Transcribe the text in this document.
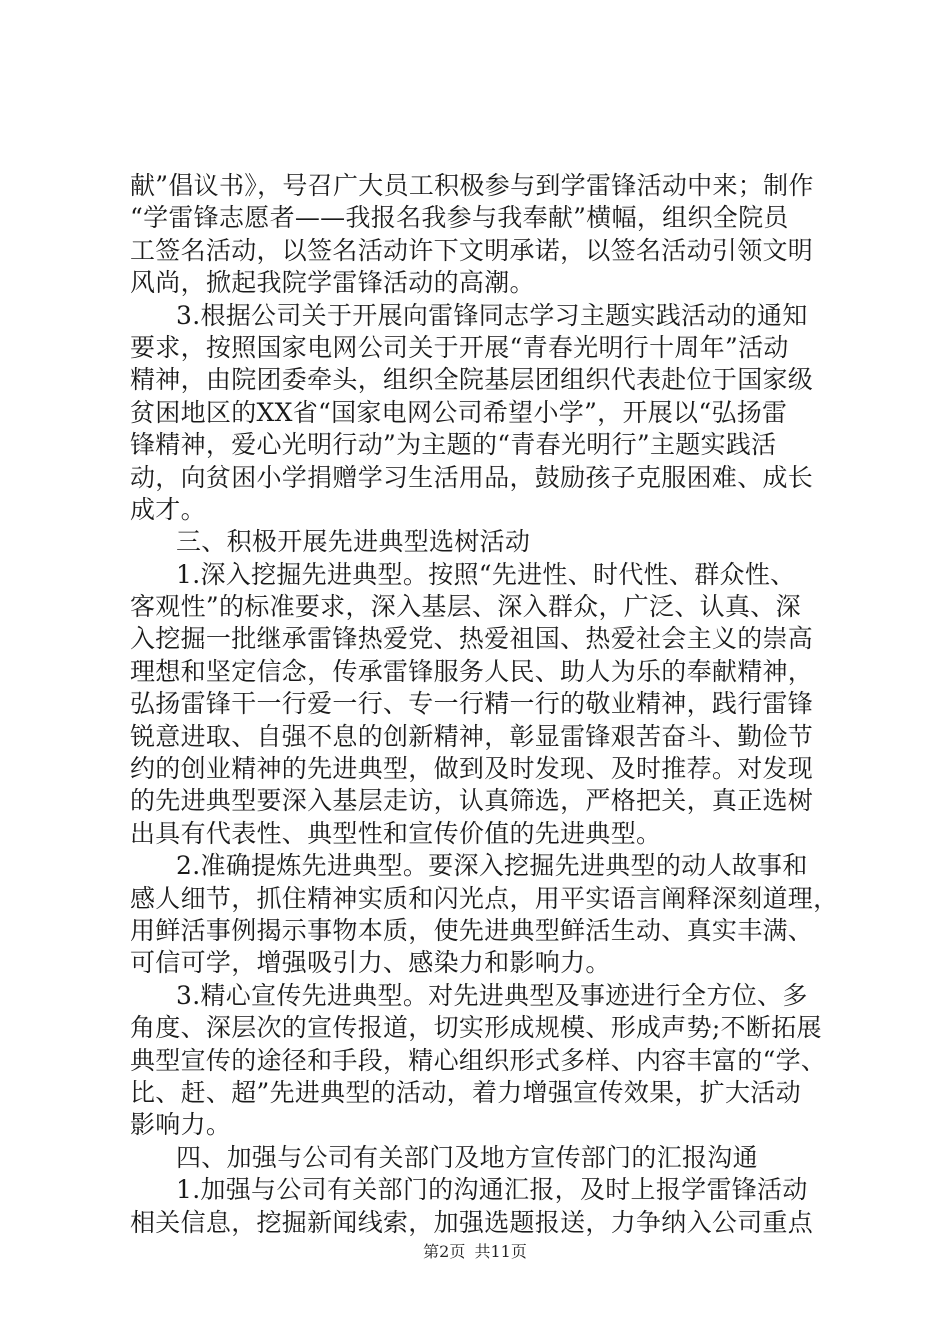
献”倡议书》，号召广大员工积极参与到学雷锋活动中来；制作
“学雷锋志愿者——我报名我参与我奉献”横幅，组织全院员
工签名活动，以签名活动许下文明承诺，以签名活动引领文明
风尚，掀起我院学雷锋活动的高潮。
3.根据公司关于开展向雷锋同志学习主题实践活动的通知
要求，按照国家电网公司关于开展“青春光明行十周年”活动
精神，由院团委牵头，组织全院基层团组织代表赴位于国家级
贫困地区的XX省“国家电网公司希望小学”，开展以“弘扬雷
锋精神，爱心光明行动”为主题的“青春光明行”主题实践活
动，向贫困小学捐赠学习生活用品，鼓励孩子克服困难、成长
成才。
三、积极开展先进典型选树活动
1.深入挖掘先进典型。按照“先进性、时代性、群众性、
客观性”的标准要求，深入基层、深入群众，广泛、认真、深
入挖掘一批继承雷锋热爱党、热爱祖国、热爱社会主义的崇高
理想和坚定信念，传承雷锋服务人民、助人为乐的奉献精神，
弘扬雷锋干一行爱一行、专一行精一行的敬业精神，践行雷锋
锐意进取、自强不息的创新精神，彰显雷锋艰苦奋斗、勤俭节
约的创业精神的先进典型，做到及时发现、及时推荐。对发现
的先进典型要深入基层走访，认真筛选，严格把关，真正选树
出具有代表性、典型性和宣传价值的先进典型。
2.准确提炼先进典型。要深入挖掘先进典型的动人故事和
感人细节，抓住精神实质和闪光点，用平实语言阐释深刻道理，
用鲜活事例揭示事物本质，使先进典型鲜活生动、真实丰满、
可信可学，增强吸引力、感染力和影响力。
3.精心宣传先进典型。对先进典型及事迹进行全方位、多
角度、深层次的宣传报道，切实形成规模、形成声势;不断拓展
典型宣传的途径和手段，精心组织形式多样、内容丰富的“学、
比、赶、超”先进典型的活动，着力增强宣传效果，扩大活动
影响力。
四、加强与公司有关部门及地方宣传部门的汇报沟通
1.加强与公司有关部门的沟通汇报，及时上报学雷锋活动
相关信息，挖掘新闻线索，加强选题报送，力争纳入公司重点
第2页 共11页
